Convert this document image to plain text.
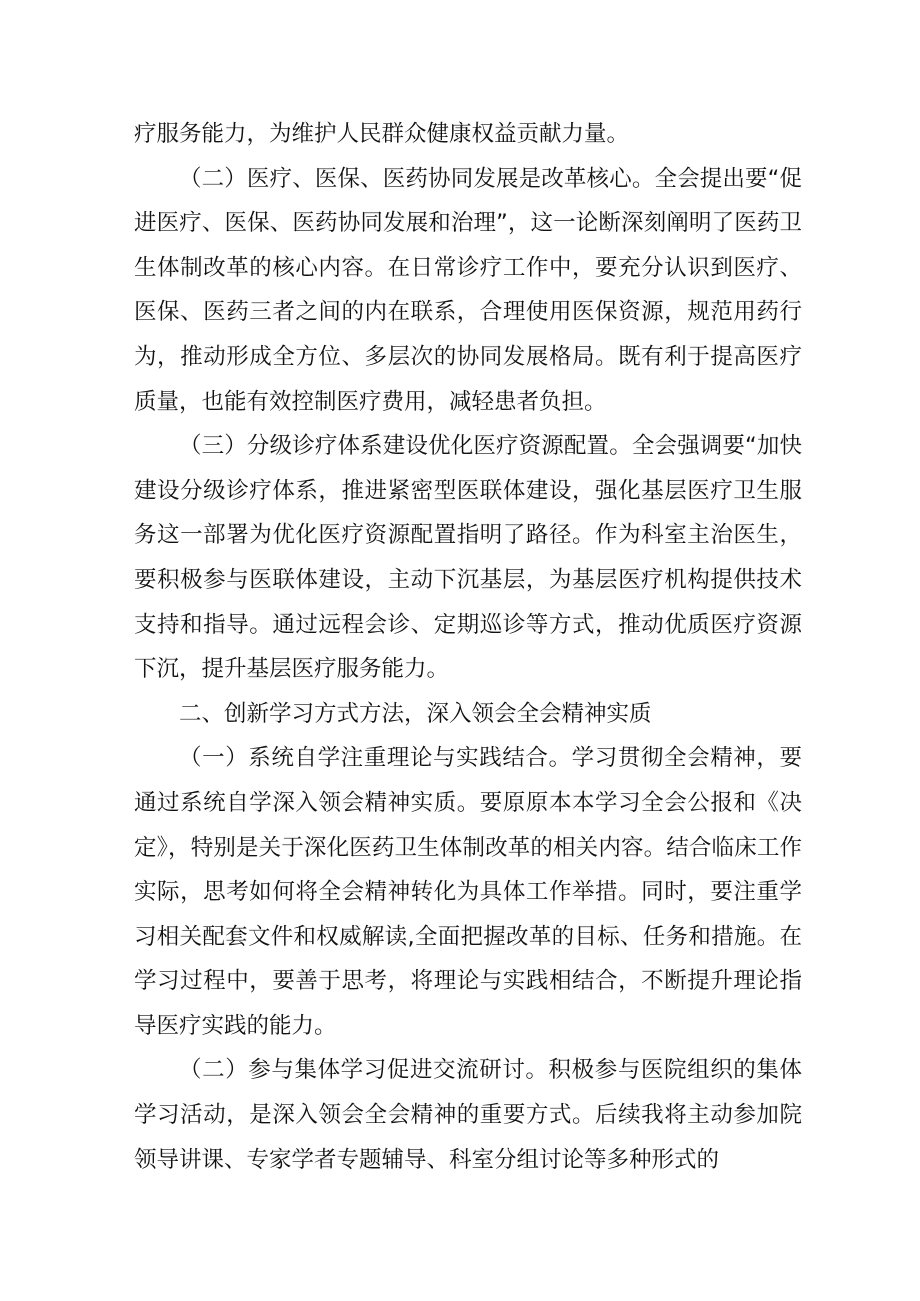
疗服务能力，为维护人民群众健康权益贡献力量。

（二）医疗、医保、医药协同发展是改革核心。全会提出要“促进医疗、医保、医药协同发展和治理”，这一论断深刻阐明了医药卫生体制改革的核心内容。在日常诊疗工作中，要充分认识到医疗、医保、医药三者之间的内在联系，合理使用医保资源，规范用药行为，推动形成全方位、多层次的协同发展格局。既有利于提高医疗质量，也能有效控制医疗费用，减轻患者负担。

（三）分级诊疗体系建设优化医疗资源配置。全会强调要“加快建设分级诊疗体系，推进紧密型医联体建设，强化基层医疗卫生服务这一部署为优化医疗资源配置指明了路径。作为科室主治医生，要积极参与医联体建设，主动下沉基层，为基层医疗机构提供技术支持和指导。通过远程会诊、定期巡诊等方式，推动优质医疗资源下沉，提升基层医疗服务能力。

二、创新学习方式方法，深入领会全会精神实质

（一）系统自学注重理论与实践结合。学习贯彻全会精神，要通过系统自学深入领会精神实质。要原原本本学习全会公报和《决定》，特别是关于深化医药卫生体制改革的相关内容。结合临床工作实际，思考如何将全会精神转化为具体工作举措。同时，要注重学习相关配套文件和权威解读,全面把握改革的目标、任务和措施。在学习过程中，要善于思考，将理论与实践相结合，不断提升理论指导医疗实践的能力。

（二）参与集体学习促进交流研讨。积极参与医院组织的集体学习活动，是深入领会全会精神的重要方式。后续我将主动参加院领导讲课、专家学者专题辅导、科室分组讨论等多种形式的
